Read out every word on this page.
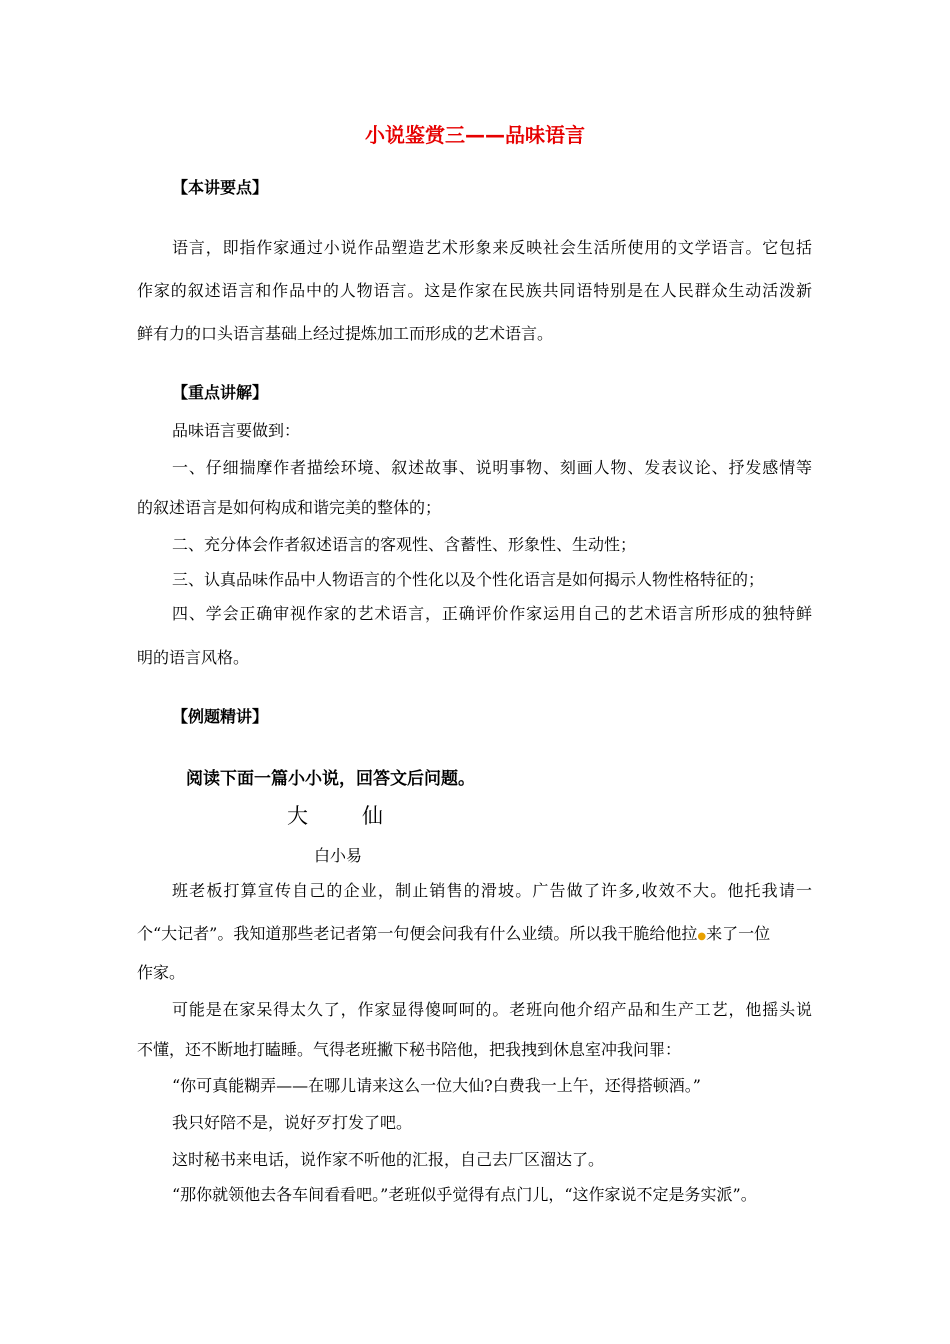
小说鉴赏三——品味语言
【本讲要点】
语言，即指作家通过小说作品塑造艺术形象来反映社会生活所使用的文学语言。它包括
作家的叙述语言和作品中的人物语言。这是作家在民族共同语特别是在人民群众生动活泼新
鲜有力的口头语言基础上经过提炼加工而形成的艺术语言。
【重点讲解】
品味语言要做到：
一、仔细揣摩作者描绘环境、叙述故事、说明事物、刻画人物、发表议论、抒发感情等
的叙述语言是如何构成和谐完美的整体的；
二、充分体会作者叙述语言的客观性、含蓄性、形象性、生动性；
三、认真品味作品中人物语言的个性化以及个性化语言是如何揭示人物性格特征的；
四、学会正确审视作家的艺术语言，正确评价作家运用自己的艺术语言所形成的独特鲜
明的语言风格。
【例题精讲】
阅读下面一篇小小说，回答文后问题。
大	仙
白小易
班老板打算宣传自己的企业，制止销售的滑坡。广告做了许多,收效不大。他托我请一
个“大记者”。我知道那些老记者第一句便会问我有什么业绩。所以我干脆给他拉●来了一位
作家。
可能是在家呆得太久了，作家显得傻呵呵的。老班向他介绍产品和生产工艺，他摇头说
不懂，还不断地打瞌睡。气得老班撇下秘书陪他，把我拽到休息室冲我问罪：
“你可真能糊弄——在哪儿请来这么一位大仙?白费我一上午，还得搭顿酒。”
我只好陪不是，说好歹打发了吧。
这时秘书来电话，说作家不听他的汇报，自己去厂区溜达了。
“那你就领他去各车间看看吧。”老班似乎觉得有点门儿，“这作家说不定是务实派”。
